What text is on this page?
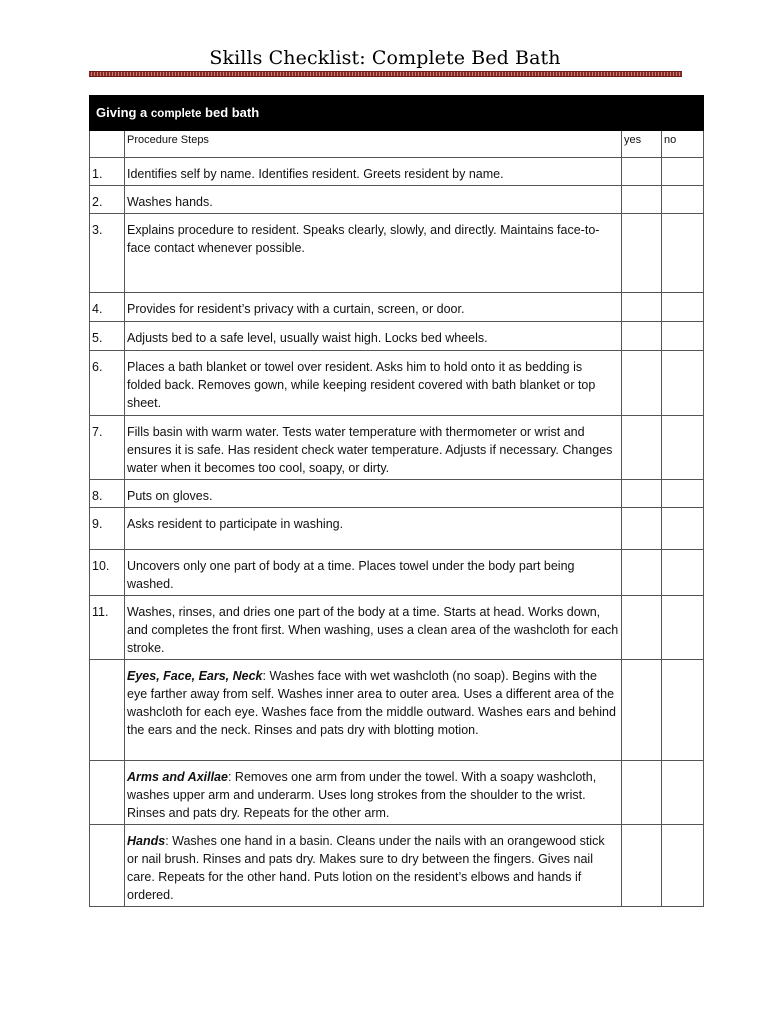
Skills Checklist: Complete Bed Bath
Giving a complete bed bath			
	Procedure Steps	yes	no
1.	Identifies self by name. Identifies resident. Greets resident by name.		
2.	Washes hands.		
3.	Explains procedure to resident. Speaks clearly, slowly, and directly. Maintains face-to-face contact whenever possible.		
4.	Provides for resident’s privacy with a curtain, screen, or door.		
5.	Adjusts bed to a safe level, usually waist high. Locks bed wheels.		
6.	Places a bath blanket or towel over resident. Asks him to hold onto it as bedding is folded back. Removes gown, while keeping resident covered with bath blanket or top sheet.		
7.	Fills basin with warm water. Tests water temperature with thermometer or wrist and ensures it is safe. Has resident check water temperature. Adjusts if necessary. Changes water when it becomes too cool, soapy, or dirty.		
8.	Puts on gloves.		
9.	Asks resident to participate in washing.		
10.	Uncovers only one part of body at a time. Places towel under the body part being washed.		
11.	Washes, rinses, and dries one part of the body at a time. Starts at head. Works down, and completes the front first. When washing, uses a clean area of the washcloth for each stroke.		
	Eyes, Face, Ears, Neck: Washes face with wet washcloth (no soap). Begins with the eye farther away from self. Washes inner area to outer area. Uses a different area of the washcloth for each eye. Washes face from the middle outward. Washes ears and behind the ears and the neck. Rinses and pats dry with blotting motion.		
	Arms and Axillae: Removes one arm from under the towel. With a soapy washcloth, washes upper arm and underarm. Uses long strokes from the shoulder to the wrist. Rinses and pats dry. Repeats for the other arm.		
	Hands: Washes one hand in a basin. Cleans under the nails with an orangewood stick or nail brush. Rinses and pats dry. Makes sure to dry between the fingers. Gives nail care. Repeats for the other hand. Puts lotion on the resident’s elbows and hands if ordered.		
